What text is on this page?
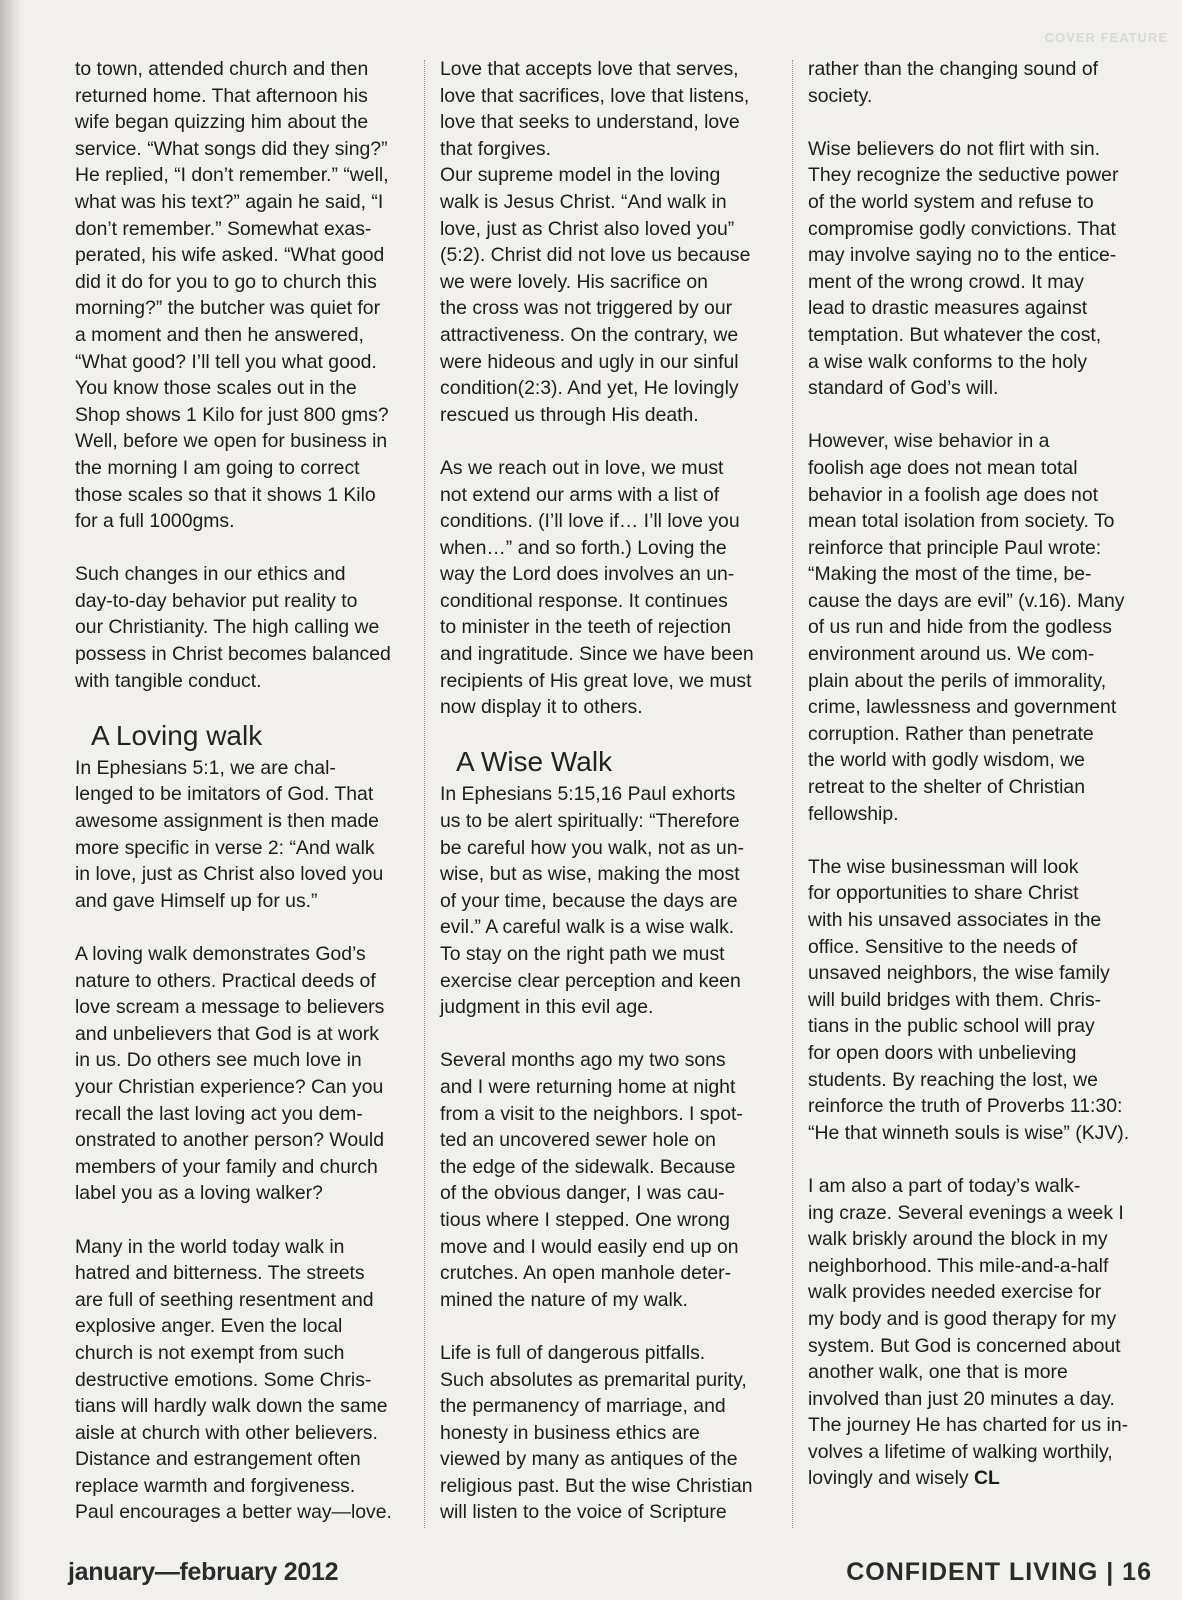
COVER FEATURE

to town, attended church and then
returned home. That afternoon his
wife began quizzing him about the
service. “What songs did they sing?”
He replied, “I don’t remember.” “well,
what was his text?” again he said, “I
don’t remember.” Somewhat exas-
perated, his wife asked. “What good
did it do for you to go to church this
morning?” the butcher was quiet for
a moment and then he answered,
“What good? I’ll tell you what good.
You know those scales out in the
Shop shows 1 Kilo for just 800 gms?
Well, before we open for business in
the morning I am going to correct
those scales so that it shows 1 Kilo
for a full 1000gms.

Such changes in our ethics and
day-to-day behavior put reality to
our Christianity. The high calling we
possess in Christ becomes balanced
with tangible conduct.

A Loving walk

In Ephesians 5:1, we are chal-
lenged to be imitators of God. That
awesome assignment is then made
more specific in verse 2: “And walk
in love, just as Christ also loved you
and gave Himself up for us.”

A loving walk demonstrates God’s
nature to others. Practical deeds of
love scream a message to believers
and unbelievers that God is at work
in us. Do others see much love in
your Christian experience? Can you
recall the last loving act you dem-
onstrated to another person? Would
members of your family and church
label you as a loving walker?

Many in the world today walk in
hatred and bitterness. The streets
are full of seething resentment and
explosive anger. Even the local
church is not exempt from such
destructive emotions. Some Chris-
tians will hardly walk down the same
aisle at church with other believers.
Distance and estrangement often
replace warmth and forgiveness.
Paul encourages a better way—love.

Love that accepts love that serves,
love that sacrifices, love that listens,
love that seeks to understand, love
that forgives.

Our supreme model in the loving
walk is Jesus Christ. “And walk in
love, just as Christ also loved you”
(5:2). Christ did not love us because
we were lovely. His sacrifice on
the cross was not triggered by our
attractiveness. On the contrary, we
were hideous and ugly in our sinful
condition(2:3). And yet, He lovingly
rescued us through His death.

As we reach out in love, we must
not extend our arms with a list of
conditions. (I’ll love if… I’ll love you
when…” and so forth.) Loving the
way the Lord does involves an un-
conditional response. It continues
to minister in the teeth of rejection
and ingratitude. Since we have been
recipients of His great love, we must
now display it to others.

A Wise Walk

In Ephesians 5:15,16 Paul exhorts
us to be alert spiritually: “Therefore
be careful how you walk, not as un-
wise, but as wise, making the most
of your time, because the days are
evil.” A careful walk is a wise walk.
To stay on the right path we must
exercise clear perception and keen
judgment in this evil age.

Several months ago my two sons
and I were returning home at night
from a visit to the neighbors. I spot-
ted an uncovered sewer hole on
the edge of the sidewalk. Because
of the obvious danger, I was cau-
tious where I stepped. One wrong
move and I would easily end up on
crutches. An open manhole deter-
mined the nature of my walk.

Life is full of dangerous pitfalls.
Such absolutes as premarital purity,
the permanency of marriage, and
honesty in business ethics are
viewed by many as antiques of the
religious past. But the wise Christian
will listen to the voice of Scripture

rather than the changing sound of
society.

Wise believers do not flirt with sin.
They recognize the seductive power
of the world system and refuse to
compromise godly convictions. That
may involve saying no to the entice-
ment of the wrong crowd. It may
lead to drastic measures against
temptation. But whatever the cost,
a wise walk conforms to the holy
standard of God’s will.

However, wise behavior in a
foolish age does not mean total
behavior in a foolish age does not
mean total isolation from society. To
reinforce that principle Paul wrote:
“Making the most of the time, be-
cause the days are evil” (v.16). Many
of us run and hide from the godless
environment around us. We com-
plain about the perils of immorality,
crime, lawlessness and government
corruption. Rather than penetrate
the world with godly wisdom, we
retreat to the shelter of Christian
fellowship.

The wise businessman will look
for opportunities to share Christ
with his unsaved associates in the
office. Sensitive to the needs of
unsaved neighbors, the wise family
will build bridges with them. Chris-
tians in the public school will pray
for open doors with unbelieving
students. By reaching the lost, we
reinforce the truth of Proverbs 11:30:
“He that winneth souls is wise” (KJV).

I am also a part of today’s walk-
ing craze. Several evenings a week I
walk briskly around the block in my
neighborhood. This mile-and-a-half
walk provides needed exercise for
my body and is good therapy for my
system. But God is concerned about
another walk, one that is more
involved than just 20 minutes a day.
The journey He has charted for us in-
volves a lifetime of walking worthily,
lovingly and wisely CL

january—february 2012	CONFIDENT LIVING | 16
